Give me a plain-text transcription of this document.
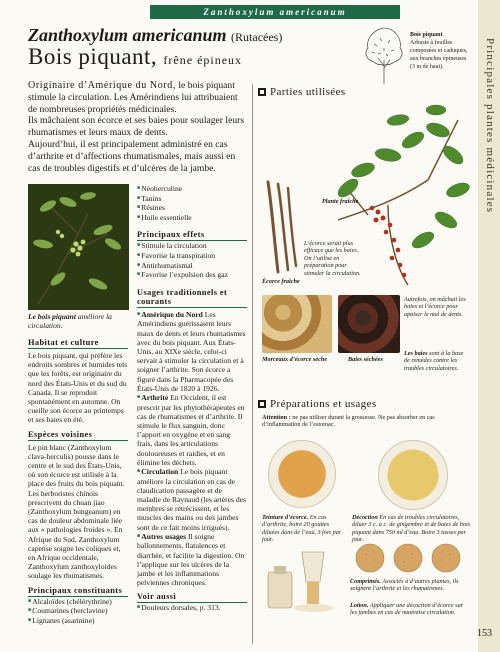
Zanthoxylum americanum
Principales plantes médicinales
Zanthoxylum americanum (Rutacées)
Bois piquant, frêne épineux
Bois piquant
Arbuste à feuilles composées et caduques, aux branches épineuses (3 m de haut).
Originaire d’Amérique du Nord, le bois piquant stimule la circulation. Les Amérindiens lui attribuaient de nombreuses propriétés médicinales.
Ils mâchaient son écorce et ses baies pour soulager leurs rhumatismes et leurs maux de dents.
Aujourd’hui, il est principalement administré en cas d’arthrite et d’affections rhumatismales, mais aussi en cas de troubles digestifs et d’ulcères de la jambe.
Le bois piquant améliore la circulation.
Habitat et culture
Le bois piquant, qui préfère les endroits sombres et humides tels que les forêts, est originaire du nord des États-Unis et du sud du Canada. Il se reproduit spontanément en automne. On cueille son écorce au printemps et ses baies en été.
Espèces voisines
Le pin blanc (Zanthoxylum clava-herculis) pousse dans le centre et le sud des États-Unis, où son écorce est utilisée à la place des fruits du bois piquant. Les herboristes chinois prescrivent du chuan jiao (Zanthoxylum bungeanum) en cas de douleur abdominale liée aux « pathologies froides ». En Afrique du Sud, Zanthoxylum capense soigne les coliques et, en Afrique occidentale, Zanthoxylum zanthoxyloides soulage les rhumatismes.
Principaux constituants
■ Alcaloïdes (chélérythrine)
■ Coumarines (herclavine)
■ Lignanes (asarinine)
■ Néoherculine
■ Tanins
■ Résines
■ Huile essentielle
Principaux effets
■ Stimule la circulation
■ Favorise la transpiration
■ Antirhumatismal
■ Favorise l’expulsion des gaz
Usages traditionnels et courants
■ Amérique du Nord Les Amérindiens guérissaient leurs maux de dents et leurs rhumatismes avec du bois piquant. Aux États-Unis, au XIXe siècle, celui-ci servait à stimuler la circulation et à soigner l’arthrite. Son écorce a figuré dans la Pharmacopée des États-Unis de 1820 à 1926.
■ Arthrite En Occident, il est prescrit par les phytothérapeutes en cas de rhumatismes et d’arthrite. Il stimule le flux sanguin, donc l’apport en oxygène et en sang frais, dans les articulations douloureuses et raidies, et en élimine les déchets.
■ Circulation Le bois piquant améliore la circulation en cas de claudication passagère et de maladie de Raynaud (les artères des membres se rétrécissent, et les muscles des mains ou des jambes sont de ce fait moins irrigués).
■ Autres usages Il soigne ballonnements, flatulences et diarrhée, et facilite la digestion. On l’applique sur les ulcères de la jambe et les inflammations pelviennes chroniques.
Voir aussi
■ Douleurs dorsales, p. 313.
Parties utilisées
Plante fraîche
L’écorce serait plus efficace que les baies. On l’utilise en préparation pour stimuler la circulation.
Écorce fraîche
Autrefois, on mâchait les baies et l’écorce pour apaiser le mal de dents.
Les baies sont à la base de remèdes contre les troubles circulatoires.
Morceaux d’écorce sèche	Baies séchées
Préparations et usages
Attention : ne pas utiliser durant la grossesse. Ne pas absorber en cas d’inflammation de l’estomac.
Teinture d’écorce. En cas d’arthrite, boire 20 gouttes diluées dans de l’eau, 3 fois par jour.
Décoction En cas de troubles circulatoires, diluer 3 c. à c. de gingembre et de baies de bois piquant dans 750 ml d’eau. Boire 3 tasses par jour.
Comprimés. Associés à d’autres plantes, ils soignent l’arthrite et les rhumatismes.
Lotion. Appliquer une décoction d’écorce sur les jambes en cas de mauvaise circulation.
153
